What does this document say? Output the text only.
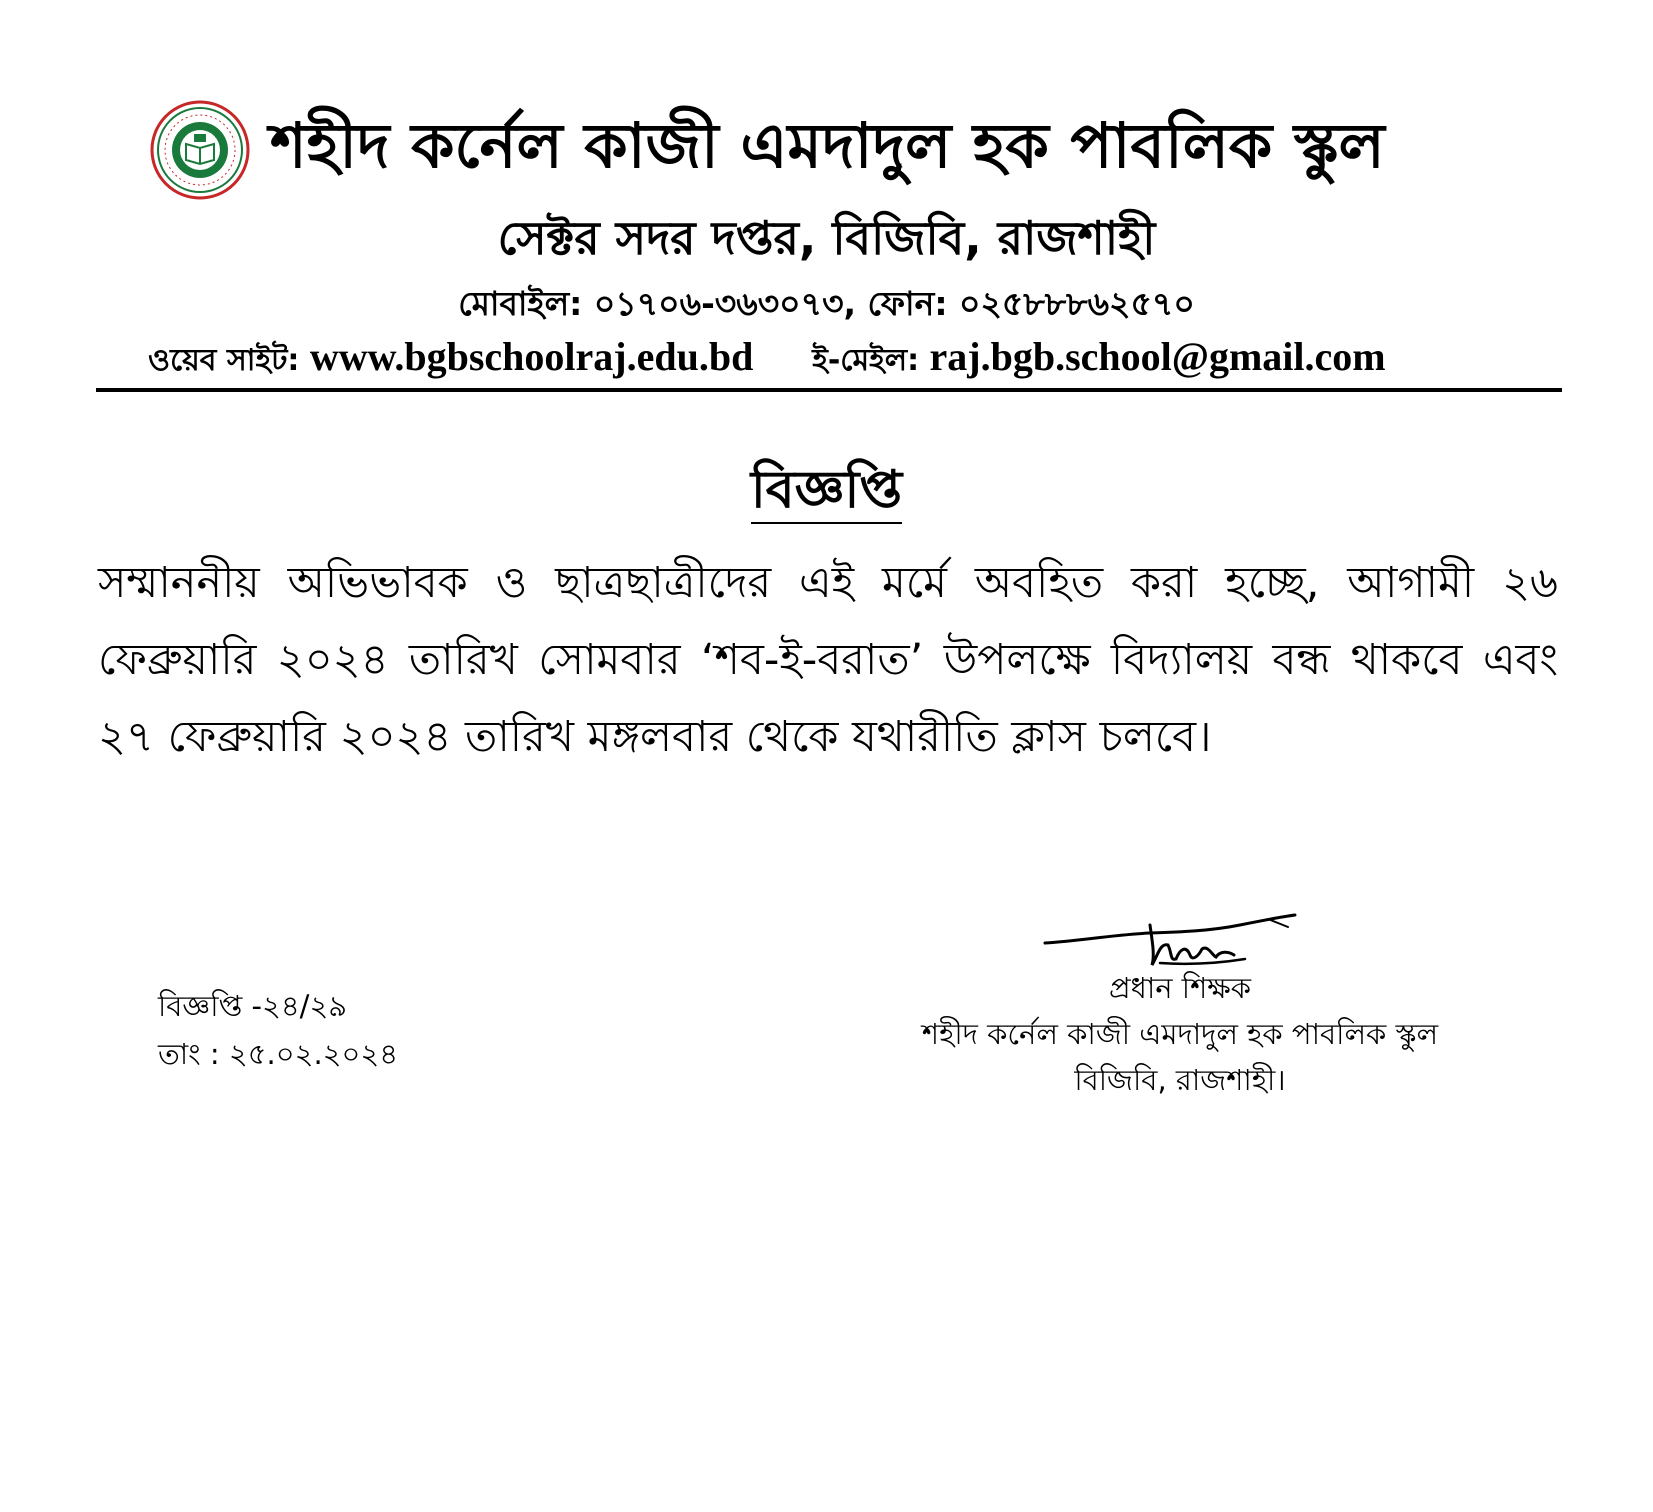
শহীদ কর্নেল কাজী এমদাদুল হক পাবলিক স্কুল
সেক্টর সদর দপ্তর, বিজিবি, রাজশাহী
মোবাইল: ০১৭০৬-৩৬৩০৭৩, ফোন: ০২৫৮৮৮৬২৫৭০
ওয়েব সাইট: www.bgbschoolraj.edu.bd ই-মেইল: raj.bgb.school@gmail.com
বিজ্ঞপ্তি
সম্মাননীয় অভিভাবক ও ছাত্রছাত্রীদের এই মর্মে অবহিত করা হচ্ছে, আগামী ২৬ ফেব্রুয়ারি ২০২৪ তারিখ সোমবার ‘শব-ই-বরাত’ উপলক্ষে বিদ্যালয় বন্ধ থাকবে এবং ২৭ ফেব্রুয়ারি ২০২৪ তারিখ মঙ্গলবার থেকে যথারীতি ক্লাস চলবে।
বিজ্ঞপ্তি -২৪/২৯
তাং : ২৫.০২.২০২৪
প্রধান শিক্ষক
শহীদ কর্নেল কাজী এমদাদুল হক পাবলিক স্কুল
বিজিবি, রাজশাহী।
